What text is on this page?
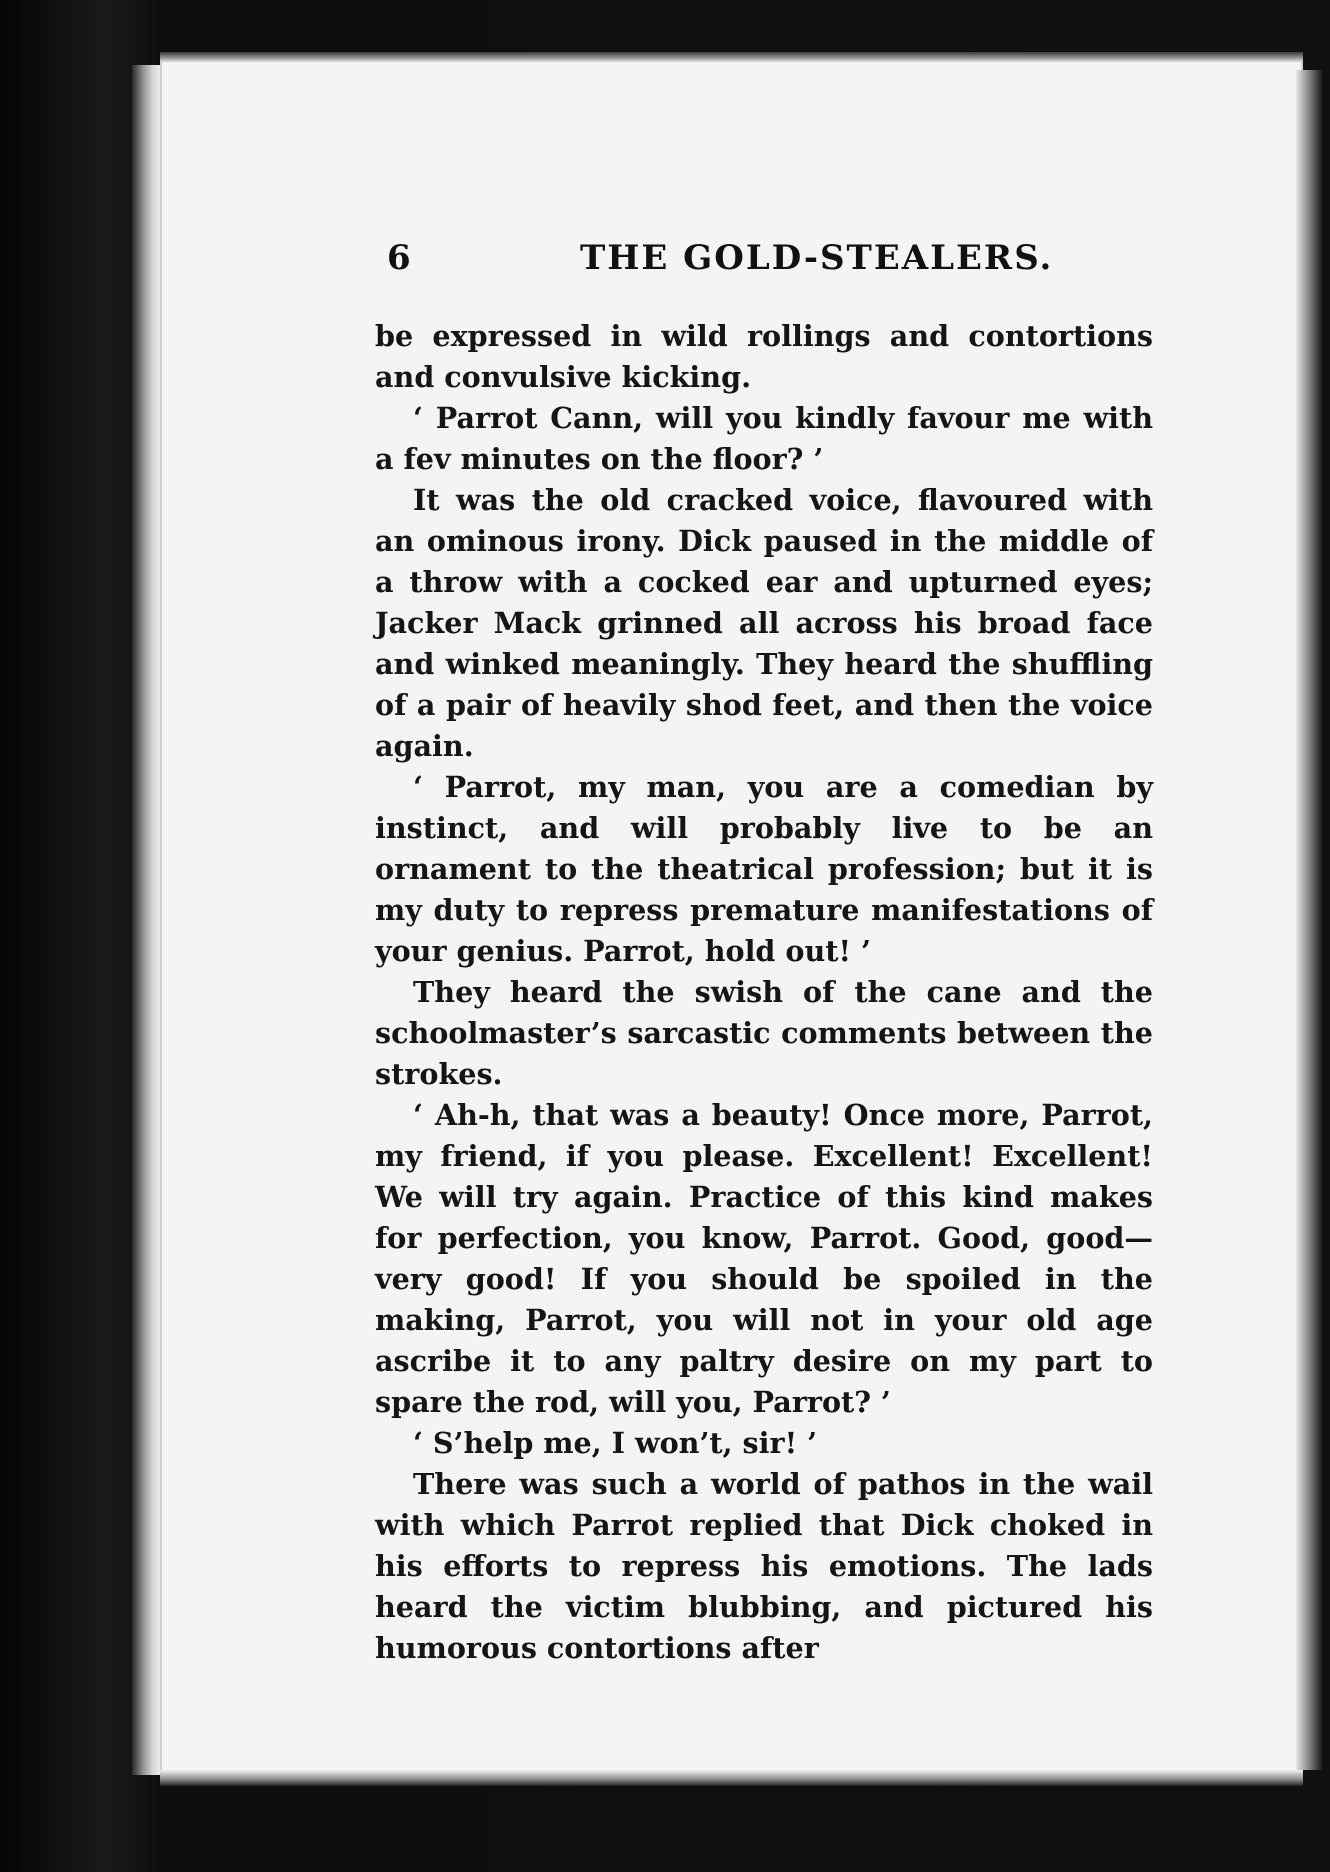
6	THE GOLD-STEALERS.

be expressed in wild rollings and contortions and convulsive kicking.

‘ Parrot Cann, will you kindly favour me with a fev minutes on the floor? ’

It was the old cracked voice, flavoured with an ominous irony. Dick paused in the middle of a throw with a cocked ear and upturned eyes; Jacker Mack grinned all across his broad face and winked meaningly. They heard the shuffling of a pair of heavily shod feet, and then the voice again.

‘ Parrot, my man, you are a comedian by instinct, and will probably live to be an ornament to the theatrical profession; but it is my duty to repress premature manifestations of your genius. Parrot, hold out! ’

They heard the swish of the cane and the schoolmaster’s sarcastic comments between the strokes.

‘ Ah-h, that was a beauty! Once more, Parrot, my friend, if you please. Excellent! Excellent! We will try again. Practice of this kind makes for perfection, you know, Parrot. Good, good—very good! If you should be spoiled in the making, Parrot, you will not in your old age ascribe it to any paltry desire on my part to spare the rod, will you, Parrot? ’

‘ S’help me, I won’t, sir! ’

There was such a world of pathos in the wail with which Parrot replied that Dick choked in his efforts to repress his emotions. The lads heard the victim blubbing, and pictured his humorous contortions after
